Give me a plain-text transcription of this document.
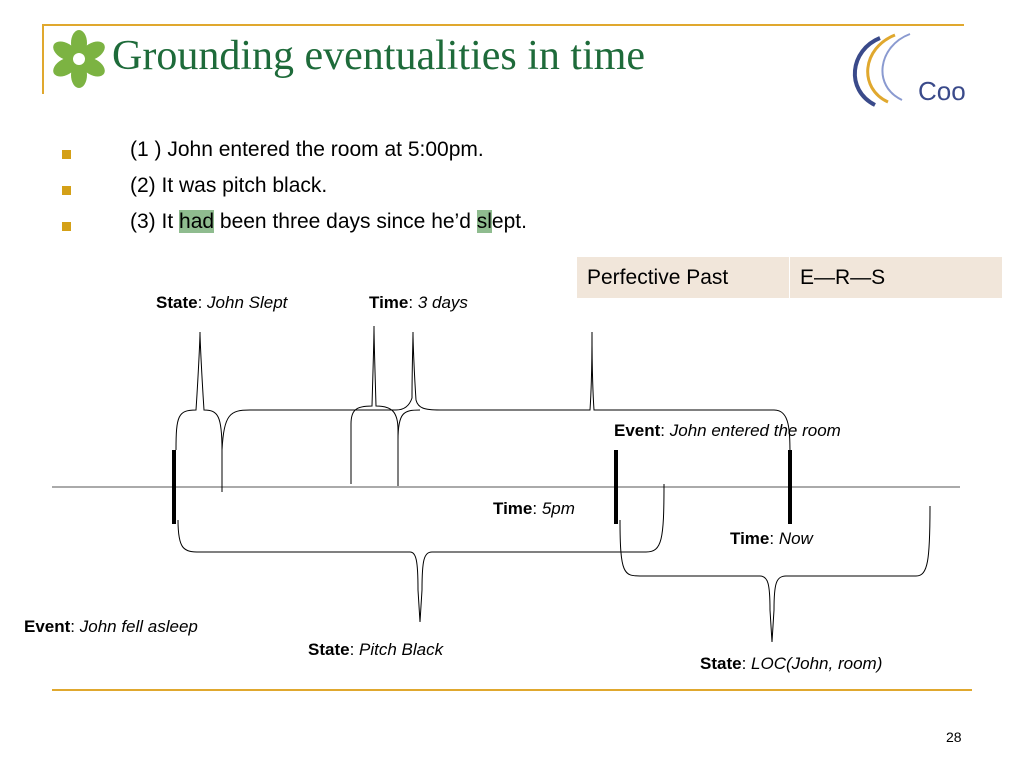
Grounding eventualities in time
Coo
(1 ) John entered the room at 5:00pm.
(2) It was pitch black.
(3) It had been three days since he’d slept.
Perfective Past	E—R—S
State: John Slept	Time: 3 days
Event: John entered the room
Time: 5pm
Time: Now
Event: John fell asleep
State: Pitch Black
State: LOC(John, room)
28
